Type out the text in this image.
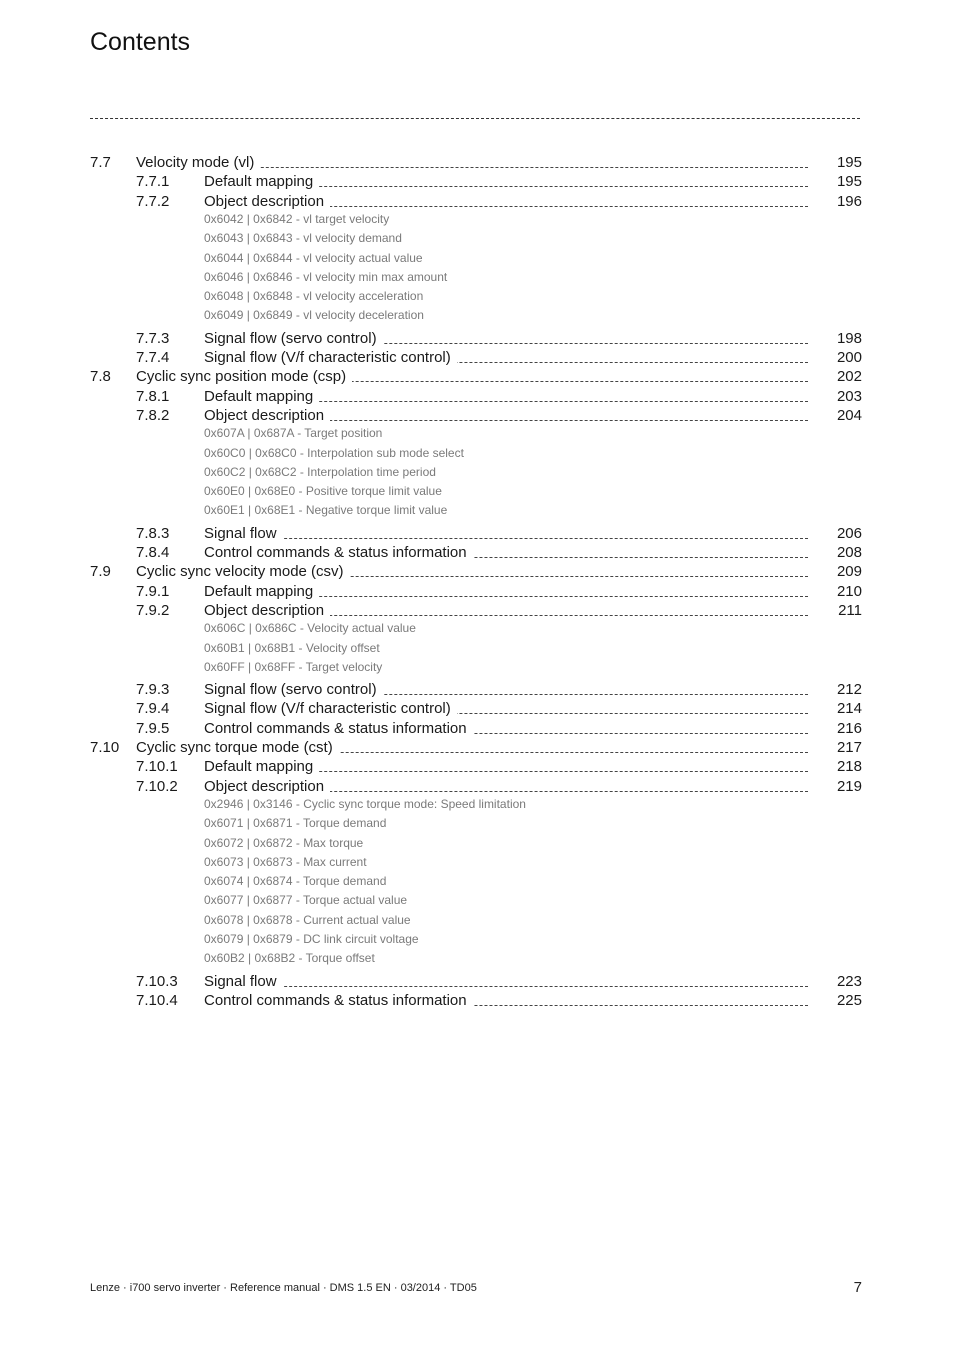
Contents
7.7 Velocity mode (vl)	195
7.7.1 Default mapping	195
7.7.2 Object description	196
0x6042 | 0x6842 - vl target velocity
0x6043 | 0x6843 - vl velocity demand
0x6044 | 0x6844 - vl velocity actual value
0x6046 | 0x6846 - vl velocity min max amount
0x6048 | 0x6848 - vl velocity acceleration
0x6049 | 0x6849 - vl velocity deceleration
7.7.3 Signal flow (servo control)	198
7.7.4 Signal flow (V/f characteristic control)	200
7.8 Cyclic sync position mode (csp)	202
7.8.1 Default mapping	203
7.8.2 Object description	204
0x607A | 0x687A - Target position
0x60C0 | 0x68C0 - Interpolation sub mode select
0x60C2 | 0x68C2 - Interpolation time period
0x60E0 | 0x68E0 - Positive torque limit value
0x60E1 | 0x68E1 - Negative torque limit value
7.8.3 Signal flow	206
7.8.4 Control commands & status information	208
7.9 Cyclic sync velocity mode (csv)	209
7.9.1 Default mapping	210
7.9.2 Object description	211
0x606C | 0x686C - Velocity actual value
0x60B1 | 0x68B1 - Velocity offset
0x60FF | 0x68FF - Target velocity
7.9.3 Signal flow (servo control)	212
7.9.4 Signal flow (V/f characteristic control)	214
7.9.5 Control commands & status information	216
7.10 Cyclic sync torque mode (cst)	217
7.10.1 Default mapping	218
7.10.2 Object description	219
0x2946 | 0x3146 - Cyclic sync torque mode: Speed limitation
0x6071 | 0x6871 - Torque demand
0x6072 | 0x6872 - Max torque
0x6073 | 0x6873 - Max current
0x6074 | 0x6874 - Torque demand
0x6077 | 0x6877 - Torque actual value
0x6078 | 0x6878 - Current actual value
0x6079 | 0x6879 - DC link circuit voltage
0x60B2 | 0x68B2 - Torque offset
7.10.3 Signal flow	223
7.10.4 Control commands & status information	225
Lenze · i700 servo inverter · Reference manual · DMS 1.5 EN · 03/2014 · TD05	7
